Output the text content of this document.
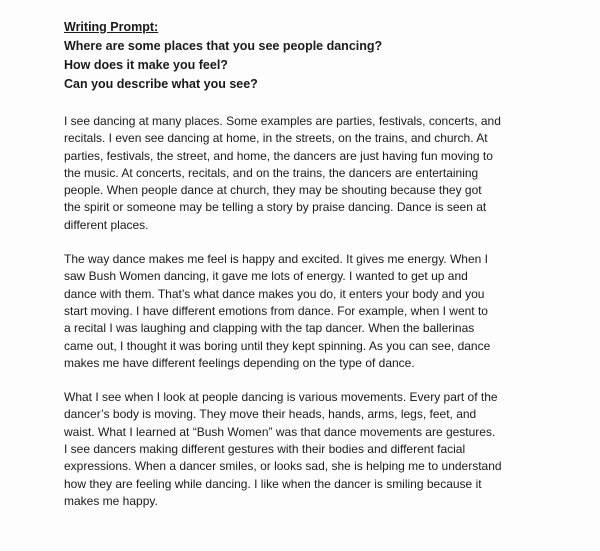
Writing Prompt:
Where are some places that you see people dancing?
How does it make you feel?
Can you describe what you see?

I see dancing at many places. Some examples are parties, festivals, concerts, and
recitals. I even see dancing at home, in the streets, on the trains, and church. At
parties, festivals, the street, and home, the dancers are just having fun moving to
the music. At concerts, recitals, and on the trains, the dancers are entertaining
people. When people dance at church, they may be shouting because they got
the spirit or someone may be telling a story by praise dancing. Dance is seen at
different places.

The way dance makes me feel is happy and excited. It gives me energy. When I
saw Bush Women dancing, it gave me lots of energy. I wanted to get up and
dance with them. That’s what dance makes you do, it enters your body and you
start moving. I have different emotions from dance. For example, when I went to
a recital I was laughing and clapping with the tap dancer. When the ballerinas
came out, I thought it was boring until they kept spinning. As you can see, dance
makes me have different feelings depending on the type of dance.

What I see when I look at people dancing is various movements. Every part of the
dancer’s body is moving. They move their heads, hands, arms, legs, feet, and
waist. What I learned at “Bush Women” was that dance movements are gestures.
I see dancers making different gestures with their bodies and different facial
expressions. When a dancer smiles, or looks sad, she is helping me to understand
how they are feeling while dancing. I like when the dancer is smiling because it
makes me happy.
